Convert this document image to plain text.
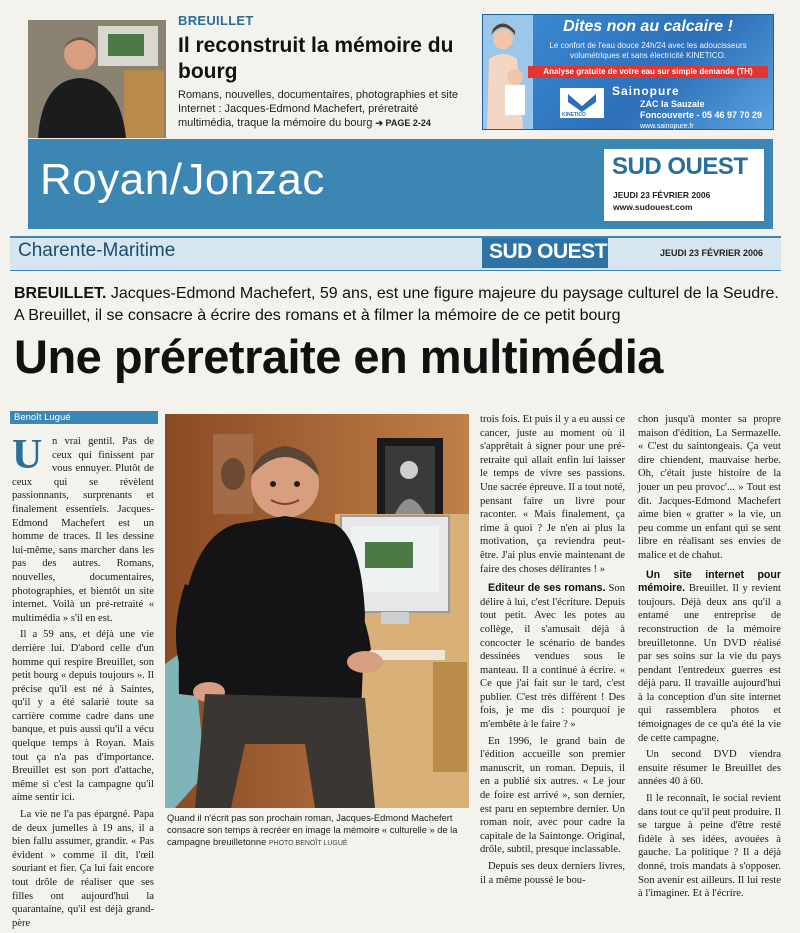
BREUILLET
Il reconstruit la mémoire du bourg
Romans, nouvelles, documentaires, photographies et site Internet : Jacques-Edmond Machefert, préretraité multimédia, traque la mémoire du bourg ➔ PAGE 2-24
Dites non au calcaire !
Le confort de l'eau douce 24h/24 avec les adoucisseurs volumétriques et sans électricité KINETICO.
Analyse gratuite de votre eau sur simple demande (TH)
KINETICO
Sainopure
ZAC la Sauzaie
Foncouverte - 05 46 97 70 29
www.sainopure.fr
Royan/Jonzac	SUD OUEST
JEUDI 23 FÉVRIER 2006
www.sudouest.com
Charente-Maritime	SUD OUEST	JEUDI 23 FÉVRIER 2006
BREUILLET. Jacques-Edmond Machefert, 59 ans, est une figure majeure du paysage culturel de la Seudre. A Breuillet, il se consacre à écrire des romans et à filmer la mémoire de ce petit bourg
Une préretraite en multimédia
Benoît Lugué
U n vrai gentil. Pas de ceux qui finissent par vous ennuyer. Plutôt de ceux qui se révèlent passionnants, surprenants et finalement essentiels. Jacques-Edmond Machefert est un homme de traces. Il les dessine lui-même, sans marcher dans les pas des autres. Romans, nouvelles, documentaires, photographies, et bientôt un site internet. Voilà un pré-retraité « multimédia » s'il en est.

Il a 59 ans, et déjà une vie derrière lui. D'abord celle d'un homme qui respire Breuillet, son petit bourg « depuis toujours ». Il précise qu'il est né à Saintes, qu'il y a été salarié toute sa carrière comme cadre dans une banque, et puis aussi qu'il a vécu quelque temps à Royan. Mais tout ça n'a pas d'importance. Breuillet est son port d'attache, même si c'est la campagne qu'il aime sentir ici.

La vie ne l'a pas épargné. Papa de deux jumelles à 19 ans, il a bien fallu assumer, grandir. « Pas évident » comme il dit, l'œil souriant et fier. Ça lui fait encore tout drôle de réaliser que ses filles ont aujourd'hui la quarantaine, qu'il est déjà grand-père

Quand il n'écrit pas son prochain roman, Jacques-Edmond Machefert consacre son temps à recréer en image la mémoire « culturelle » de la campagne breuilletonne PHOTO BENOÎT LUGUÉ

trois fois. Et puis il y a eu aussi ce cancer, juste au moment où il s'apprêtait à signer pour une pré-retraite qui allait enfin lui laisser le temps de vivre ses passions. Une sacrée épreuve. Il a tout noté, pensant faire un livre pour raconter. « Mais finalement, ça rime à quoi ? Je n'en ai plus la motivation, ça reviendra peut-être. J'ai plus envie maintenant de faire des choses délirantes ! »

Editeur de ses romans. Son délire à lui, c'est l'écriture. Depuis tout petit. Avec les potes au collège, il s'amusait déjà à concocter le scénario de bandes dessinées vendues sous le manteau. Il a continué à écrire. « Ce que j'ai fait sur le tard, c'est publier. C'est très différent ! Des fois, je me dis : pourquoi je m'embête à le faire ? »

En 1996, le grand bain de l'édition accueille son premier manuscrit, un roman. Depuis, il en a publié six autres. « Le jour de foire est arrivé », son dernier, est paru en septembre dernier. Un roman noir, avec pour cadre la capitale de la Saintonge. Original, drôle, subtil, presque inclassable.

Depuis ses deux derniers livres, il a même poussé le bou-

chon jusqu'à monter sa propre maison d'édition, La Sermazelle. « C'est du saintongeais. Ça veut dire chiendent, mauvaise herbe. Oh, c'était juste histoire de la jouer un peu provoc'... » Tout est dit. Jacques-Edmond Machefert aime bien « gratter » la vie, un peu comme un enfant qui se sent libre en réalisant ses envies de malice et de chahut.

Un site internet pour mémoire. Breuillet. Il y revient toujours. Déjà deux ans qu'il a entamé une entreprise de reconstruction de la mémoire breuilletonne. Un DVD réalisé par ses soins sur la vie du pays pendant l'entredeux guerres est déjà paru. Il travaille aujourd'hui à la conception d'un site internet qui rassemblera photos et témoignages de ce qu'a été la vie de cette campagne.

Un second DVD viendra ensuite résumer le Breuillet des années 40 à 60.

Il le reconnaît, le social revient dans tout ce qu'il peut produire. Il se targue à peine d'être resté fidèle à ses idées, avouées à gauche. La politique ? Il a déjà donné, trois mandats à s'opposer. Son avenir est ailleurs. Il lui reste à l'imaginer. Et à l'écrire.
